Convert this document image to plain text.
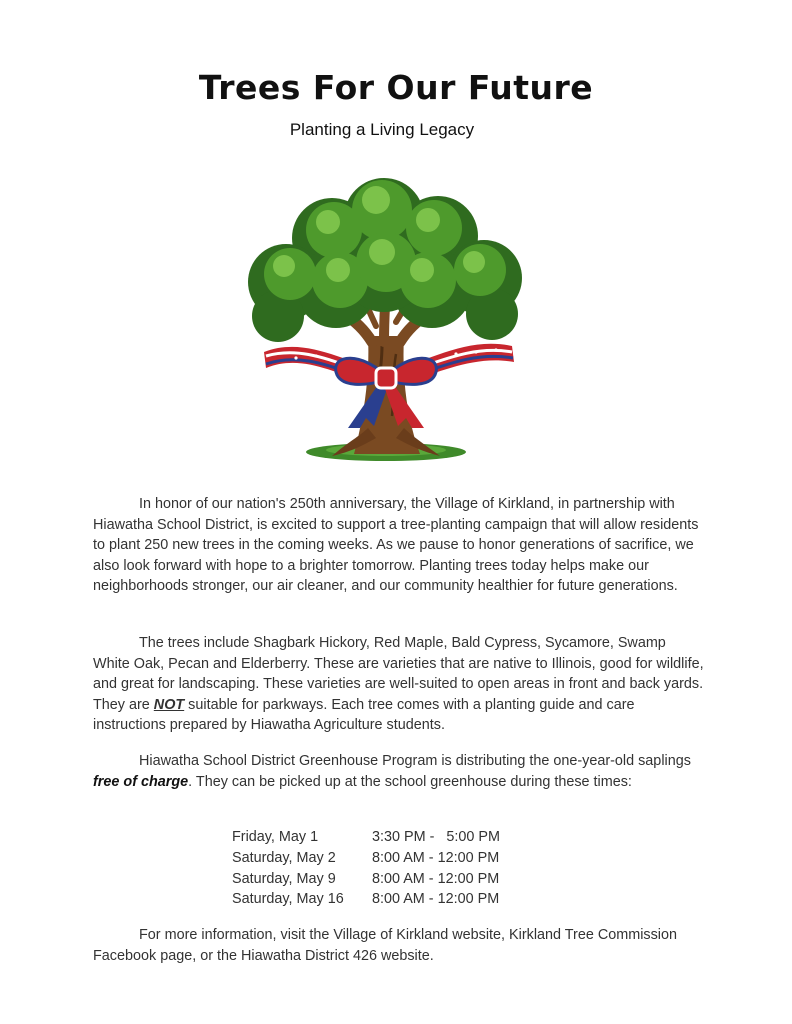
Trees For Our Future
Planting a Living Legacy

In honor of our nation's 250th anniversary, the Village of Kirkland, in partnership with Hiawatha School District, is excited to support a tree-planting campaign that will allow residents to plant 250 new trees in the coming weeks. As we pause to honor generations of sacrifice, we also look forward with hope to a brighter tomorrow. Planting trees today helps make our neighborhoods stronger, our air cleaner, and our community healthier for future generations.

The trees include Shagbark Hickory, Red Maple, Bald Cypress, Sycamore, Swamp White Oak, Pecan and Elderberry. These are varieties that are native to Illinois, good for wildlife, and great for landscaping. These varieties are well-suited to open areas in front and back yards. They are NOT suitable for parkways. Each tree comes with a planting guide and care instructions prepared by Hiawatha Agriculture students.

Hiawatha School District Greenhouse Program is distributing the one-year-old saplings free of charge. They can be picked up at the school greenhouse during these times:

Friday, May 1	3:30 PM -   5:00 PM
Saturday, May 2	8:00 AM - 12:00 PM
Saturday, May 9	8:00 AM - 12:00 PM
Saturday, May 16	8:00 AM - 12:00 PM

For more information, visit the Village of Kirkland website, Kirkland Tree Commission Facebook page, or the Hiawatha District 426 website.
